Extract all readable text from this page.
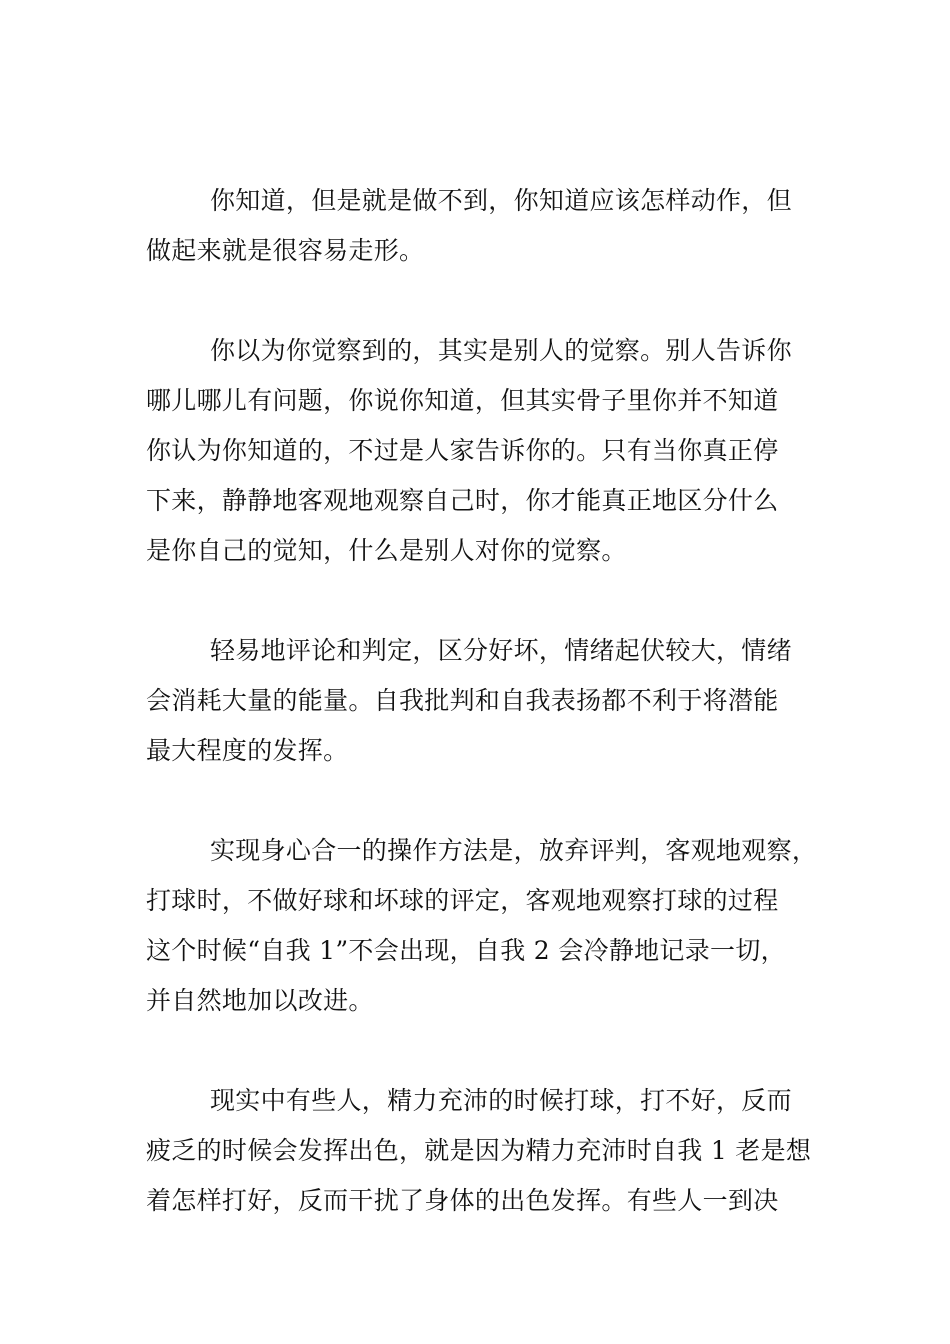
你知道，但是就是做不到，你知道应该怎样动作，但
做起来就是很容易走形。

你以为你觉察到的，其实是别人的觉察。别人告诉你
哪儿哪儿有问题，你说你知道，但其实骨子里你并不知道
你认为你知道的，不过是人家告诉你的。只有当你真正停
下来，静静地客观地观察自己时，你才能真正地区分什么
是你自己的觉知，什么是别人对你的觉察。

轻易地评论和判定，区分好坏，情绪起伏较大，情绪
会消耗大量的能量。自我批判和自我表扬都不利于将潜能
最大程度的发挥。

实现身心合一的操作方法是，放弃评判，客观地观察，
打球时，不做好球和坏球的评定，客观地观察打球的过程
这个时候“自我 1”不会出现，自我 2 会冷静地记录一切，
并自然地加以改进。

现实中有些人，精力充沛的时候打球，打不好，反而
疲乏的时候会发挥出色，就是因为精力充沛时自我 1 老是想
着怎样打好，反而干扰了身体的出色发挥。有些人一到决
